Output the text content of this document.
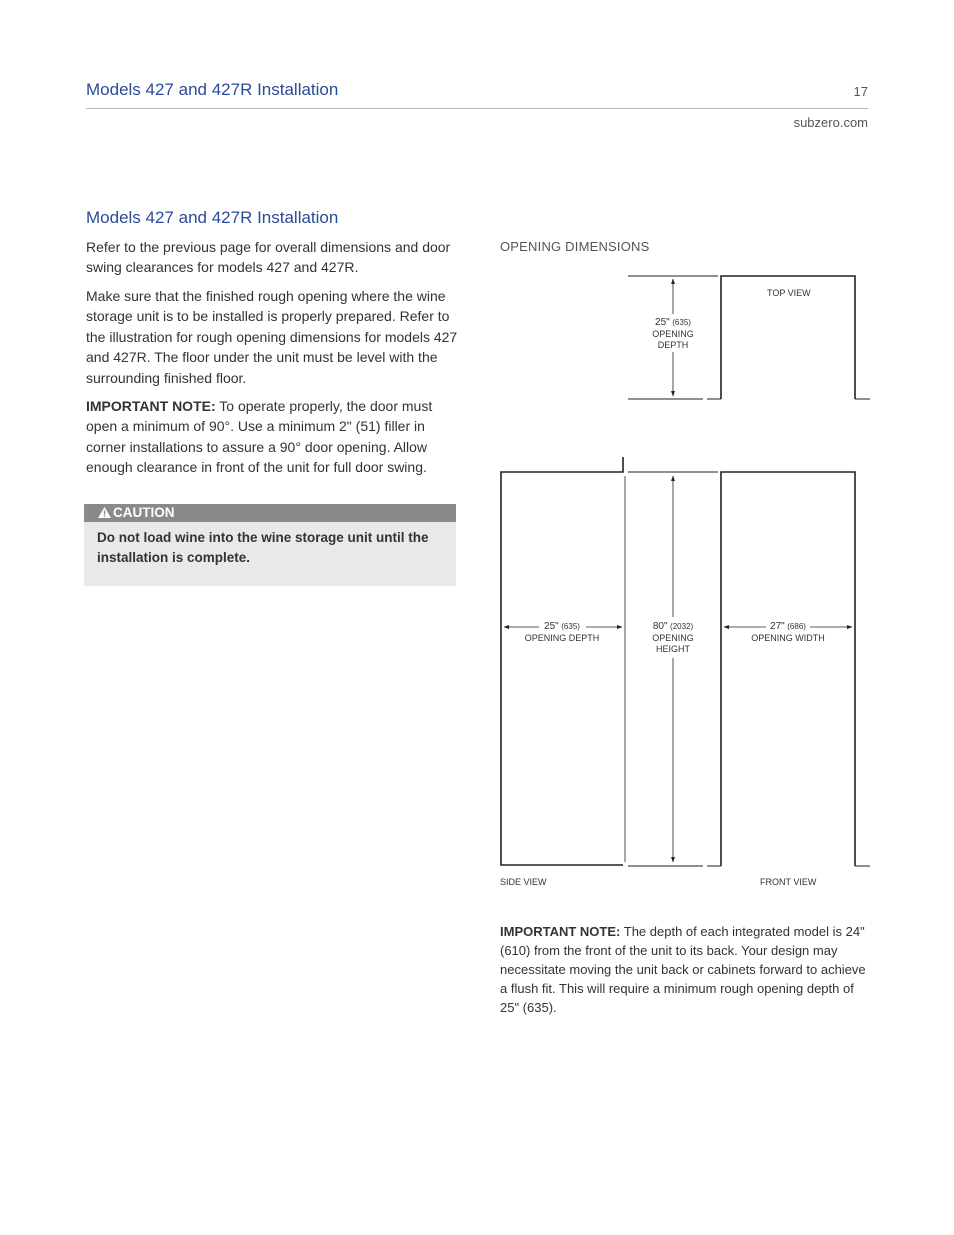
Models 427 and 427R Installation	17
subzero.com
Models 427 and 427R Installation

Refer to the previous page for overall dimensions and door swing clearances for models 427 and 427R.

Make sure that the finished rough opening where the wine storage unit is to be installed is properly prepared. Refer to the illustration for rough opening dimensions for models 427 and 427R. The floor under the unit must be level with the surrounding finished floor.

IMPORTANT NOTE: To operate properly, the door must open a minimum of 90°. Use a minimum 2" (51) filler in corner installations to assure a 90° door opening. Allow enough clearance in front of the unit for full door swing.

CAUTION
Do not load wine into the wine storage unit until the installation is complete.
OPENING DIMENSIONS
TOP VIEW
SIDE VIEW	FRONT VIEW
25" (635)
OPENING
DEPTH
25" (635)
OPENING DEPTH
80" (2032)
OPENING
HEIGHT
27" (686)
OPENING WIDTH

IMPORTANT NOTE: The depth of each integrated model is 24" (610) from the front of the unit to its back. Your design may necessitate moving the unit back or cabinets forward to achieve a flush fit. This will require a minimum rough opening depth of 25" (635).
